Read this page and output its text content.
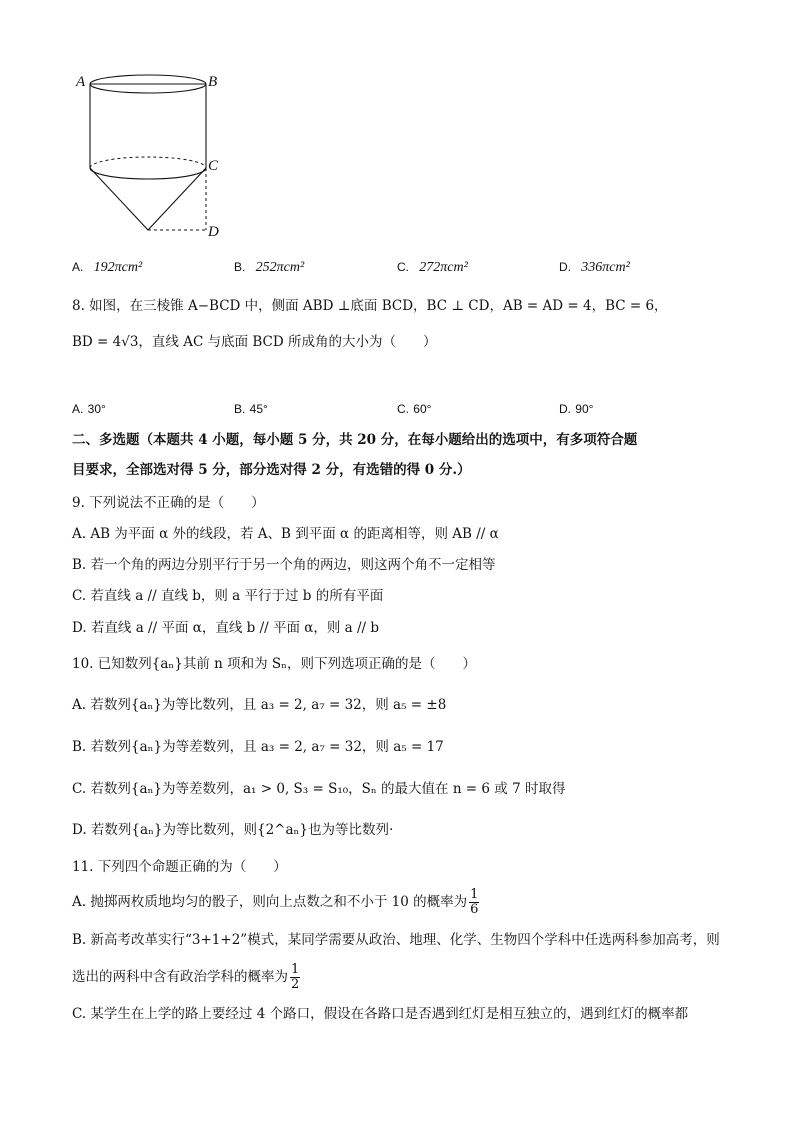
A	B
C
D
A. 192πcm²	B. 252πcm²	C. 272πcm²	D. 336πcm²
8. 如图，在三棱锥 A−BCD 中，侧面 ABD ⊥底面 BCD，BC ⊥ CD，AB = AD = 4，BC = 6，
BD = 4√3，直线 AC 与底面 BCD 所成角的大小为（　　）
A. 30°	B. 45°	C. 60°	D. 90°
二、多选题（本题共 4 小题，每小题 5 分，共 20 分，在每小题给出的选项中，有多项符合题
目要求，全部选对得 5 分，部分选对得 2 分，有选错的得 0 分.）
9. 下列说法不正确的是（　　）
A. AB 为平面 α 外的线段，若 A、B 到平面 α 的距离相等，则 AB // α
B. 若一个角的两边分别平行于另一个角的两边，则这两个角不一定相等
C. 若直线 a // 直线 b，则 a 平行于过 b 的所有平面
D. 若直线 a // 平面 α，直线 b // 平面 α，则 a // b
10. 已知数列{aₙ}其前 n 项和为 Sₙ，则下列选项正确的是（　　）
A. 若数列{aₙ}为等比数列，且 a₃ = 2, a₇ = 32，则 a₅ = ±8
B. 若数列{aₙ}为等差数列，且 a₃ = 2, a₇ = 32，则 a₅ = 17
C. 若数列{aₙ}为等差数列，a₁ > 0, S₃ = S₁₀，Sₙ 的最大值在 n = 6 或 7 时取得
D. 若数列{aₙ}为等比数列，则{2^aₙ}也为等比数列·
11. 下列四个命题正确的为（　　）
A. 抛掷两枚质地均匀的骰子，则向上点数之和不小于 10 的概率为 $\frac{1}{6}$
B. 新高考改革实行“3+1+2”模式，某同学需要从政治、地理、化学、生物四个学科中任选两科参加高考，则
选出的两科中含有政治学科的概率为 $\frac{1}{2}$
C. 某学生在上学的路上要经过 4 个路口，假设在各路口是否遇到红灯是相互独立的，遇到红灯的概率都
